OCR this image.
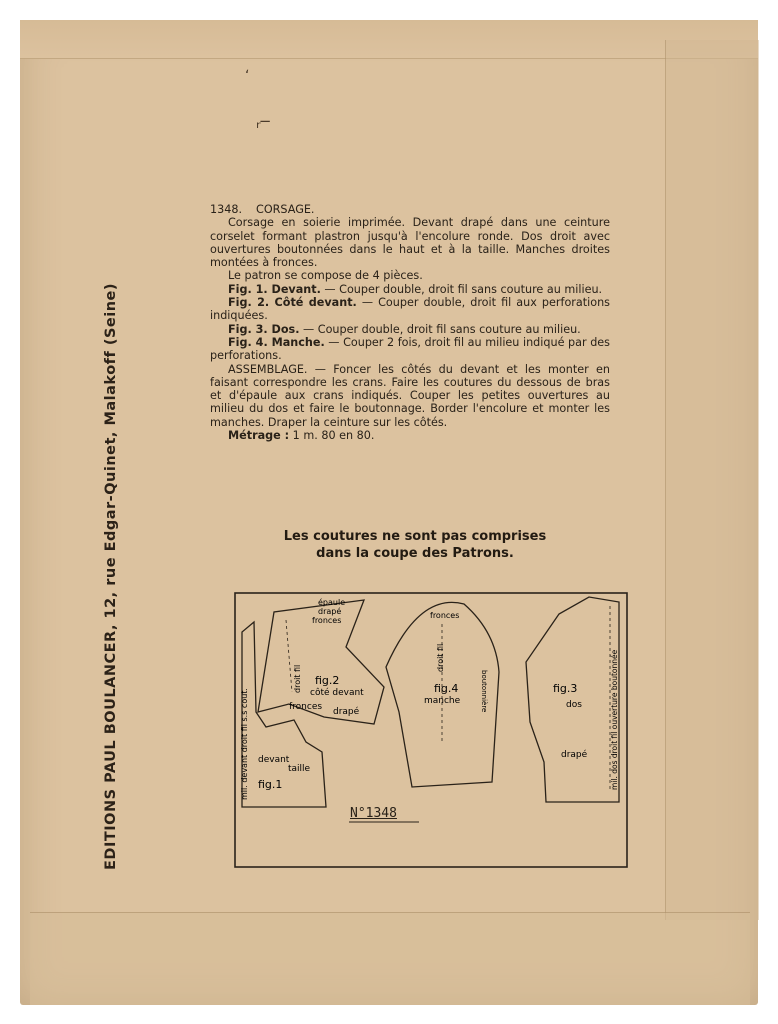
ʻ
ʳ‾
EDITIONS PAUL BOULANCER, 12, rue Edgar-Quinet, Malakoff (Seine)

1348. CORSAGE.

Corsage en soierie imprimée. Devant drapé dans une ceinture corselet formant plastron jusqu'à l'encolure ronde. Dos droit avec ouvertures boutonnées dans le haut et à la taille. Manches droites montées à fronces.

Le patron se compose de 4 pièces.

Fig. 1. Devant. — Couper double, droit fil sans couture au milieu.

Fig. 2. Côté devant. — Couper double, droit fil aux perforations indiquées.

Fig. 3. Dos. — Couper double, droit fil sans couture au milieu.

Fig. 4. Manche. — Couper 2 fois, droit fil au milieu indiqué par des perforations.

ASSEMBLAGE. — Foncer les côtés du devant et les monter en faisant correspondre les crans. Faire les coutures du dessous de bras et d'épaule aux crans indiqués. Couper les petites ouvertures au milieu du dos et faire le boutonnage. Border l'encolure et monter les manches. Draper la ceinture sur les côtés.

Métrage : 1 m. 80 en 80.

Les coutures ne sont pas comprises
dans la coupe des Patrons.
fig.1
devant
taille
mil. devant droit fil s.s cout.
fig.2
côté devant
droit fil
épaule
drapé
fronces
fronces drapé
fronces
fig.4
manche
droit fil
boutonnière	fig.3
dos
drapé	mil. dos droit fil ouverture boutonnée
N°1348
